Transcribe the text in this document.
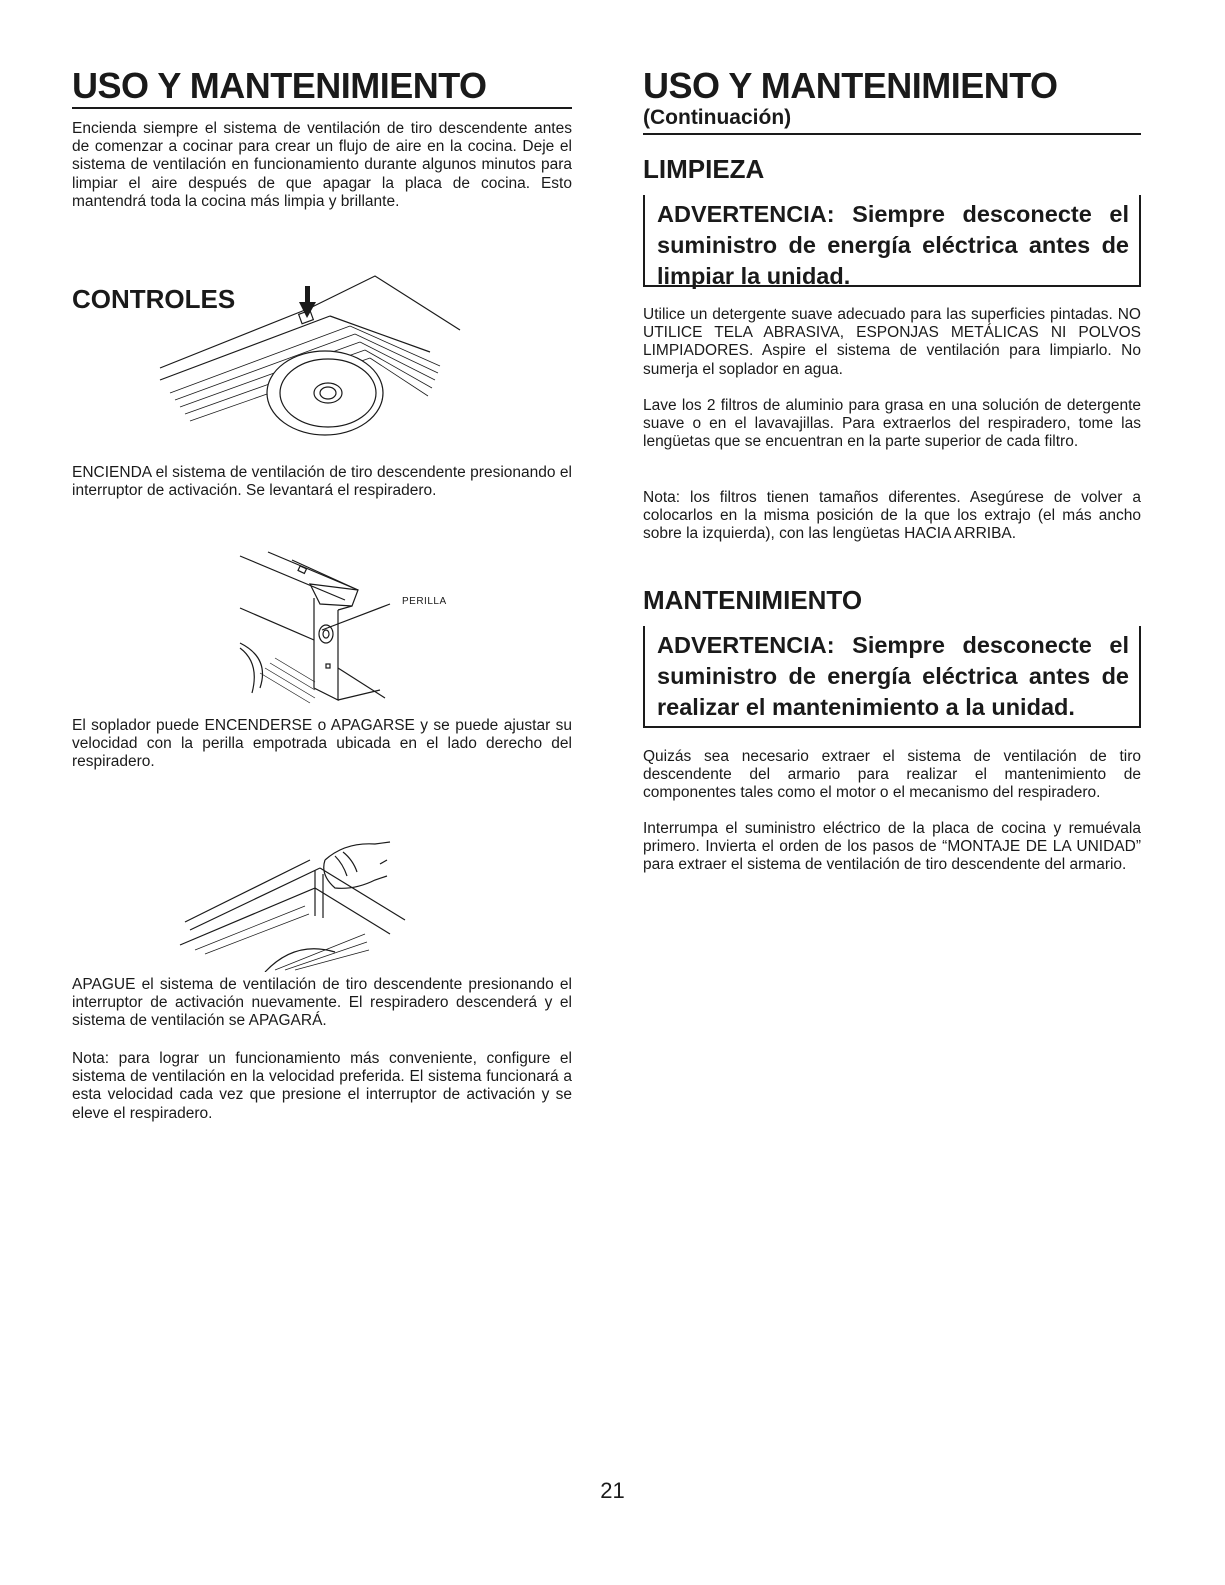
USO Y MANTENIMIENTO

Encienda siempre el sistema de ventilación de tiro descendente antes de comenzar a cocinar para crear un flujo de aire en la cocina. Deje el sistema de ventilación en funcionamiento durante algunos minutos para limpiar el aire después de que apagar la placa de cocina. Esto mantendrá toda la cocina más limpia y brillante.

CONTROLES

ENCIENDA el sistema de ventilación de tiro descendente presionando el interruptor de activación. Se levantará el respiradero.

PERILLA

El soplador puede ENCENDERSE o APAGARSE y se puede ajustar su velocidad con la perilla empotrada ubicada en el lado derecho del respiradero.

APAGUE el sistema de ventilación de tiro descendente presionando el interruptor de activación nuevamente. El respiradero descenderá y el sistema de ventilación se APAGARÁ.

Nota: para lograr un funcionamiento más conveniente, configure el sistema de ventilación en la velocidad preferida. El sistema funcionará a esta velocidad cada vez que presione el interruptor de activación y se eleve el respiradero.

USO Y MANTENIMIENTO
(Continuación)
LIMPIEZA

ADVERTENCIA: Siempre desconecte el suministro de energía eléctrica antes de limpiar la unidad.

Utilice un detergente suave adecuado para las superficies pintadas. NO UTILICE TELA ABRASIVA, ESPONJAS METÁLICAS NI POLVOS LIMPIADORES. Aspire el sistema de ventilación para limpiarlo. No sumerja el soplador en agua.

Lave los 2 filtros de aluminio para grasa en una solución de detergente suave o en el lavavajillas. Para extraerlos del respiradero, tome las lengüetas que se encuentran en la parte superior de cada filtro.

Nota: los filtros tienen tamaños diferentes. Asegúrese de volver a colocarlos en la misma posición de la que los extrajo (el más ancho sobre la izquierda), con las lengüetas HACIA ARRIBA.

MANTENIMIENTO

ADVERTENCIA: Siempre desconecte el suministro de energía eléctrica antes de realizar el mantenimiento a la unidad.

Quizás sea necesario extraer el sistema de ventilación de tiro descendente del armario para realizar el mantenimiento de componentes tales como el motor o el mecanismo del respiradero.

Interrumpa el suministro eléctrico de la placa de cocina y remuévala primero. Invierta el orden de los pasos de “MONTAJE DE LA UNIDAD” para extraer el sistema de ventilación de tiro descendente del armario.

21
